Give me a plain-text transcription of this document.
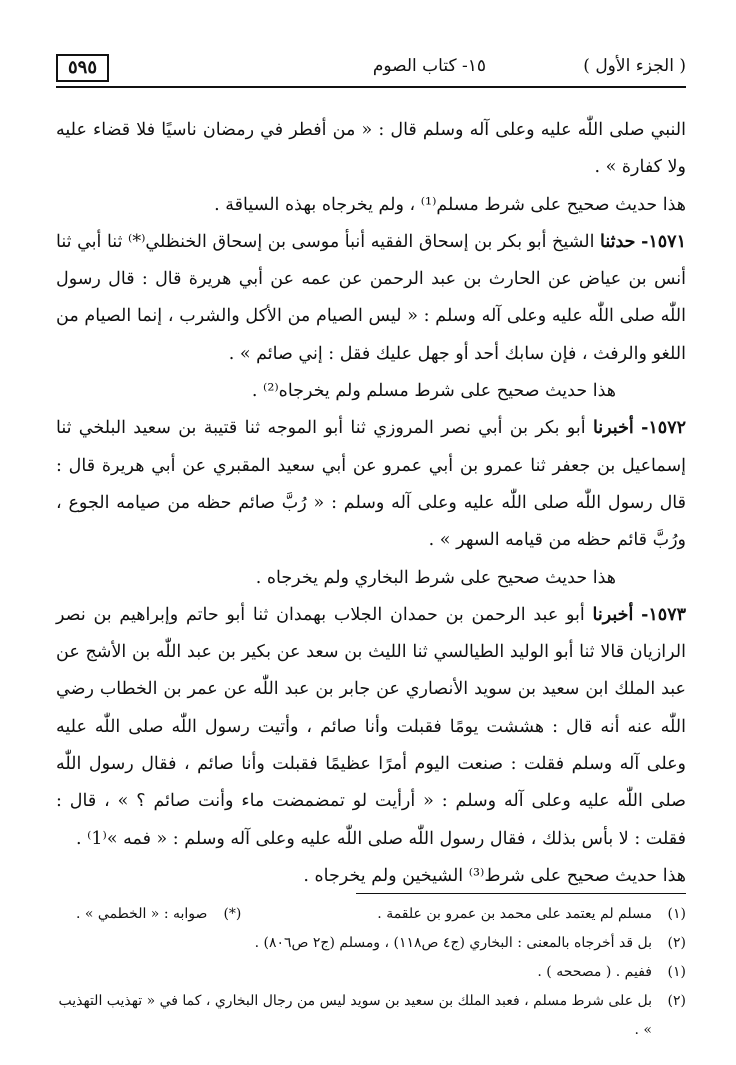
( الجزء الأول )
١٥- كتاب الصوم
٥٩٥

النبي صلى اللّٰه عليه وعلى آله وسلم قال : « من أفطر في رمضان ناسيًا فلا قضاء عليه ولا كفارة » .

هذا حديث صحيح على شرط مسلم⁽¹⁾ ، ولم يخرجاه بهذه السياقة .

١٥٧١- حدثنا الشيخ أبو بكر بن إسحاق الفقيه أنبأ موسى بن إسحاق الخنظلي⁽*⁾ ثنا أبي ثنا أنس بن عياض عن الحارث بن عبد الرحمن عن عمه عن أبي هريرة قال : قال رسول اللّٰه صلى اللّٰه عليه وعلى آله وسلم : « ليس الصيام من الأكل والشرب ، إنما الصيام من اللغو والرفث ، فإن سابك أحد أو جهل عليك فقل : إني صائم » .

هذا حديث صحيح على شرط مسلم ولم يخرجاه⁽²⁾ .

١٥٧٢- أخبرنا أبو بكر بن أبي نصر المروزي ثنا أبو الموجه ثنا قتيبة بن سعيد البلخي ثنا إسماعيل بن جعفر ثنا عمرو بن أبي عمرو عن أبي سعيد المقبري عن أبي هريرة قال : قال رسول اللّٰه صلى اللّٰه عليه وعلى آله وسلم : « رُبَّ صائم حظه من صيامه الجوع ، ورُبَّ قائم حظه من قيامه السهر » .

هذا حديث صحيح على شرط البخاري ولم يخرجاه .

١٥٧٣- أخبرنا أبو عبد الرحمن بن حمدان الجلاب بهمدان ثنا أبو حاتم وإبراهيم بن نصر الرازيان قالا ثنا أبو الوليد الطيالسي ثنا الليث بن سعد عن بكير بن عبد اللّٰه بن الأشج عن عبد الملك ابن سعيد بن سويد الأنصاري عن جابر بن عبد اللّٰه عن عمر بن الخطاب رضي اللّٰه عنه أنه قال : هششت يومًا فقبلت وأنا صائم ، وأتيت رسول اللّٰه صلى اللّٰه عليه وعلى آله وسلم فقلت : صنعت اليوم أمرًا عظيمًا فقبلت وأنا صائم ، فقال رسول اللّٰه صلى اللّٰه عليه وعلى آله وسلم : « أرأيت لو تمضمضت ماء وأنت صائم ؟ » ، قال : فقلت : لا بأس بذلك ، فقال رسول اللّٰه صلى اللّٰه عليه وعلى آله وسلم : « فمه »⁽1⁾ .

هذا حديث صحيح على شرط⁽³⁾ الشيخين ولم يخرجاه .

(١)
مسلم لم يعتمد على محمد بن عمرو بن علقمة .
(*)
صوابه : « الخطمي » .
(٢)
بل قد أخرجاه بالمعنى : البخاري (ج٤ ص١١٨) ، ومسلم (ج٢ ص٨٠٦) .
(١)
ففيم . ( مصححه ) .
(٢)
بل على شرط مسلم ، فعبد الملك بن سعيد بن سويد ليس من رجال البخاري ، كما في « تهذيب التهذيب » .
